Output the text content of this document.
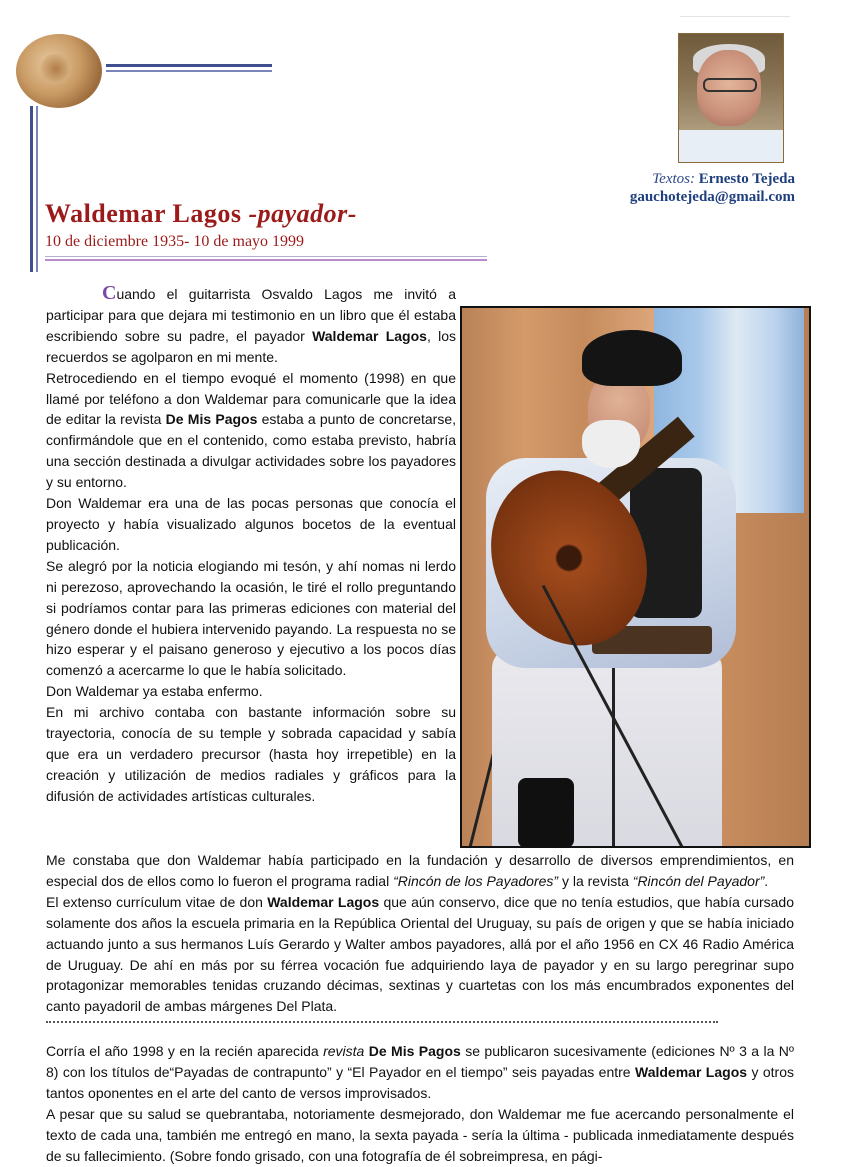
Textos: Ernesto Tejeda
gauchotejeda@gmail.com
Waldemar Lagos -payador-
10 de diciembre 1935- 10 de mayo 1999

Cuando el guitarrista Osvaldo Lagos me invitó a participar para que dejara mi testimonio en un libro que él estaba escribiendo sobre su padre, el payador Waldemar Lagos, los recuerdos se agolparon en mi mente.

Retrocediendo en el tiempo evoqué el momento (1998) en que llamé por teléfono a don Waldemar para comunicarle que la idea de editar la revista De Mis Pagos estaba a punto de concretarse, confirmándole que en el contenido, como estaba previsto, habría una sección destinada a divulgar actividades sobre los payadores y su entorno.

Don Waldemar era una de las pocas personas que conocía el proyecto y había visualizado algunos bocetos de la eventual publicación.

Se alegró por la noticia elogiando mi tesón, y ahí nomas ni lerdo ni perezoso, aprovechando la ocasión, le tiré el rollo preguntando si podríamos contar para las primeras ediciones con material del género donde el hubiera intervenido payando. La respuesta no se hizo esperar y el paisano generoso y ejecutivo a los pocos días comenzó a acercarme lo que le había solicitado.

Don Waldemar ya estaba enfermo.

En mi archivo contaba con bastante información sobre su trayectoria, conocía de su temple y sobrada capacidad y sabía que era un verdadero precursor (hasta hoy irrepetible) en la creación y utilización de medios radiales y gráficos para la difusión de actividades artísticas culturales.

Me constaba que don Waldemar había participado en la fundación y desarrollo de diversos emprendimientos, en especial dos de ellos como lo fueron el programa radial “Rincón de los Payadores” y la revista “Rincón del Payador”.

El extenso currículum vitae de don Waldemar Lagos que aún conservo, dice que no tenía estudios, que había cursado solamente dos años la escuela primaria en la República Oriental del Uruguay, su país de origen y que se había iniciado actuando junto a sus hermanos Luís Gerardo y Walter ambos payadores, allá por el año 1956 en CX 46 Radio América de Uruguay. De ahí en más por su férrea vocación fue adquiriendo laya de payador y en su largo peregrinar supo protagonizar memorables tenidas cruzando décimas, sextinas y cuartetas con los más encumbrados exponentes del canto payadoril de ambas márgenes Del Plata.

Corría el año 1998 y en la recién aparecida revista De Mis Pagos se publicaron sucesivamente (ediciones Nº 3 a la Nº 8) con los títulos de“Payadas de contrapunto” y “El Payador en el tiempo” seis payadas entre Waldemar Lagos y otros tantos oponentes en el arte del canto de versos improvisados.

A pesar que su salud se quebrantaba, notoriamente desmejorado, don Waldemar me fue acercando personalmente el texto de cada una, también me entregó en mano, la sexta payada - sería la última - publicada inmediatamente después de su fallecimiento. (Sobre fondo grisado, con una fotografía de él sobreimpresa, en pági-
